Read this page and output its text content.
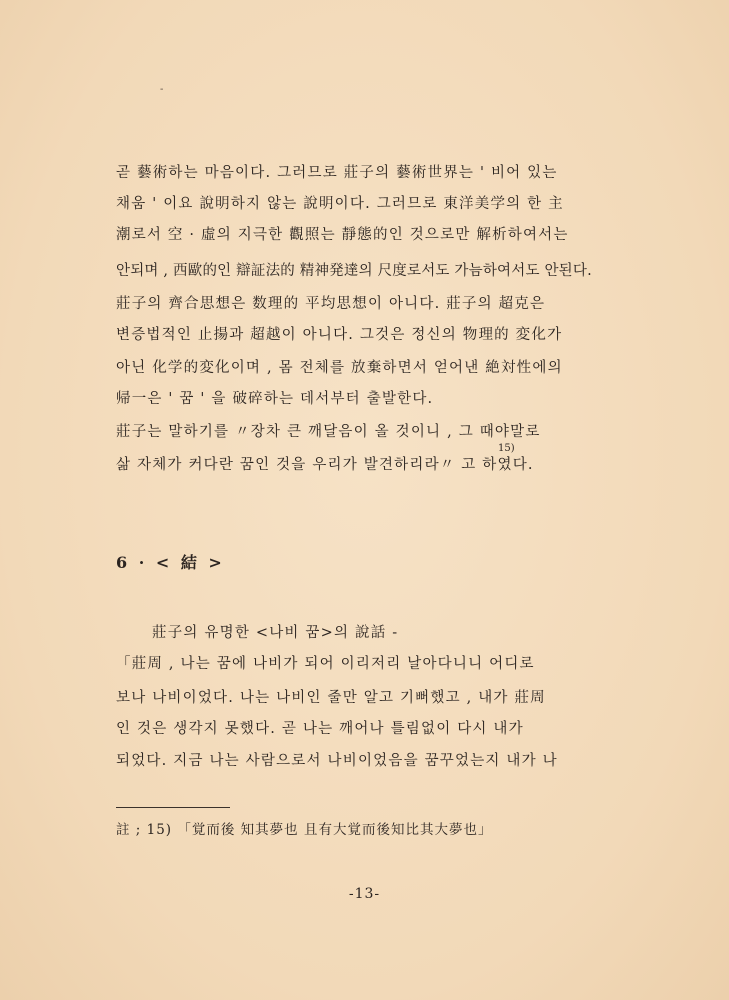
-
곧 藝術하는 마음이다. 그러므로 莊子의 藝術世界는 ' 비어 있는
채움 ' 이요 說明하지 않는 說明이다. 그러므로 東洋美学의 한 主
潮로서 空 · 虛의 지극한 觀照는 靜態的인 것으로만 解析하여서는
안되며 , 西歐的인 辯証法的 精神発達의 尺度로서도 가늠하여서도 안된다.
莊子의 齊合思想은 数理的 平均思想이 아니다. 莊子의 超克은
변증법적인 止揚과 超越이 아니다. 그것은 정신의 物理的 変化가
아닌 化学的変化이며 , 몸 전체를 放棄하면서 얻어낸 絶対性에의
帰一은 ' 꿈 ' 을 破碎하는 데서부터 출발한다.
莊子는 말하기를 〃장차 큰 깨달음이 올 것이니 , 그 때야말로
삶 자체가 커다란 꿈인 것을 우리가 발견하리라〃 고 하였다.
15)
6 · < 結 >
莊子의 유명한 <나비 꿈>의 說話 -
「莊周 , 나는 꿈에 나비가 되어 이리저리 날아다니니 어디로
보나 나비이었다. 나는 나비인 줄만 알고 기뻐했고 , 내가 莊周
인 것은 생각지 못했다. 곧 나는 깨어나 틀림없이 다시 내가
되었다. 지금 나는 사람으로서 나비이었음을 꿈꾸었는지 내가 나
註 ; 15) 「覚而後 知其夢也 且有大覚而後知比其大夢也」
-13-
